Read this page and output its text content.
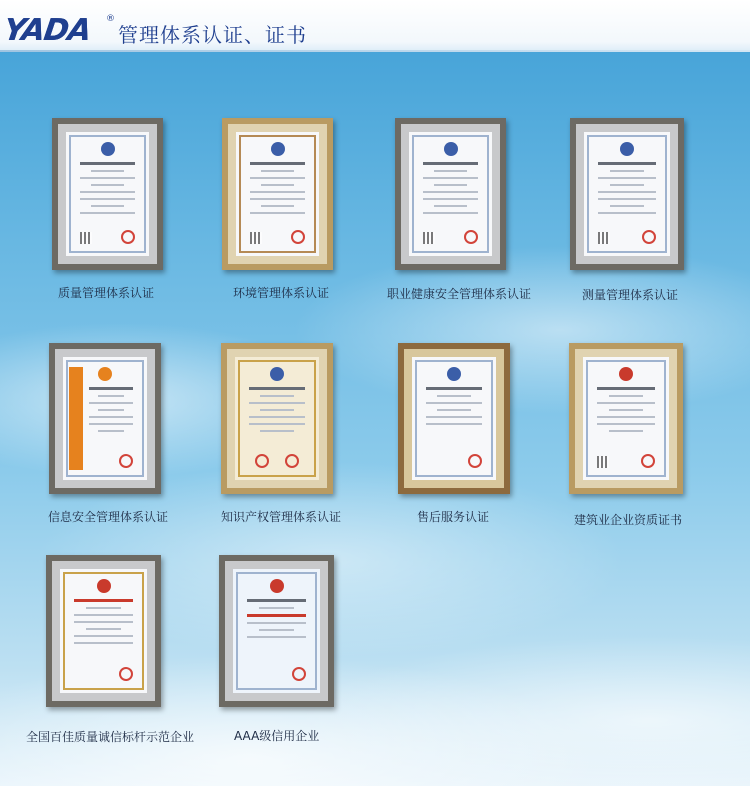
YADA	®
管理体系认证、证书
质量管理体系认证	环境管理体系认证	职业健康安全管理体系认证	测量管理体系认证
信息安全管理体系认证	知识产权管理体系认证	售后服务认证	建筑业企业资质证书
全国百佳质量诚信标杆示范企业	AAA级信用企业
